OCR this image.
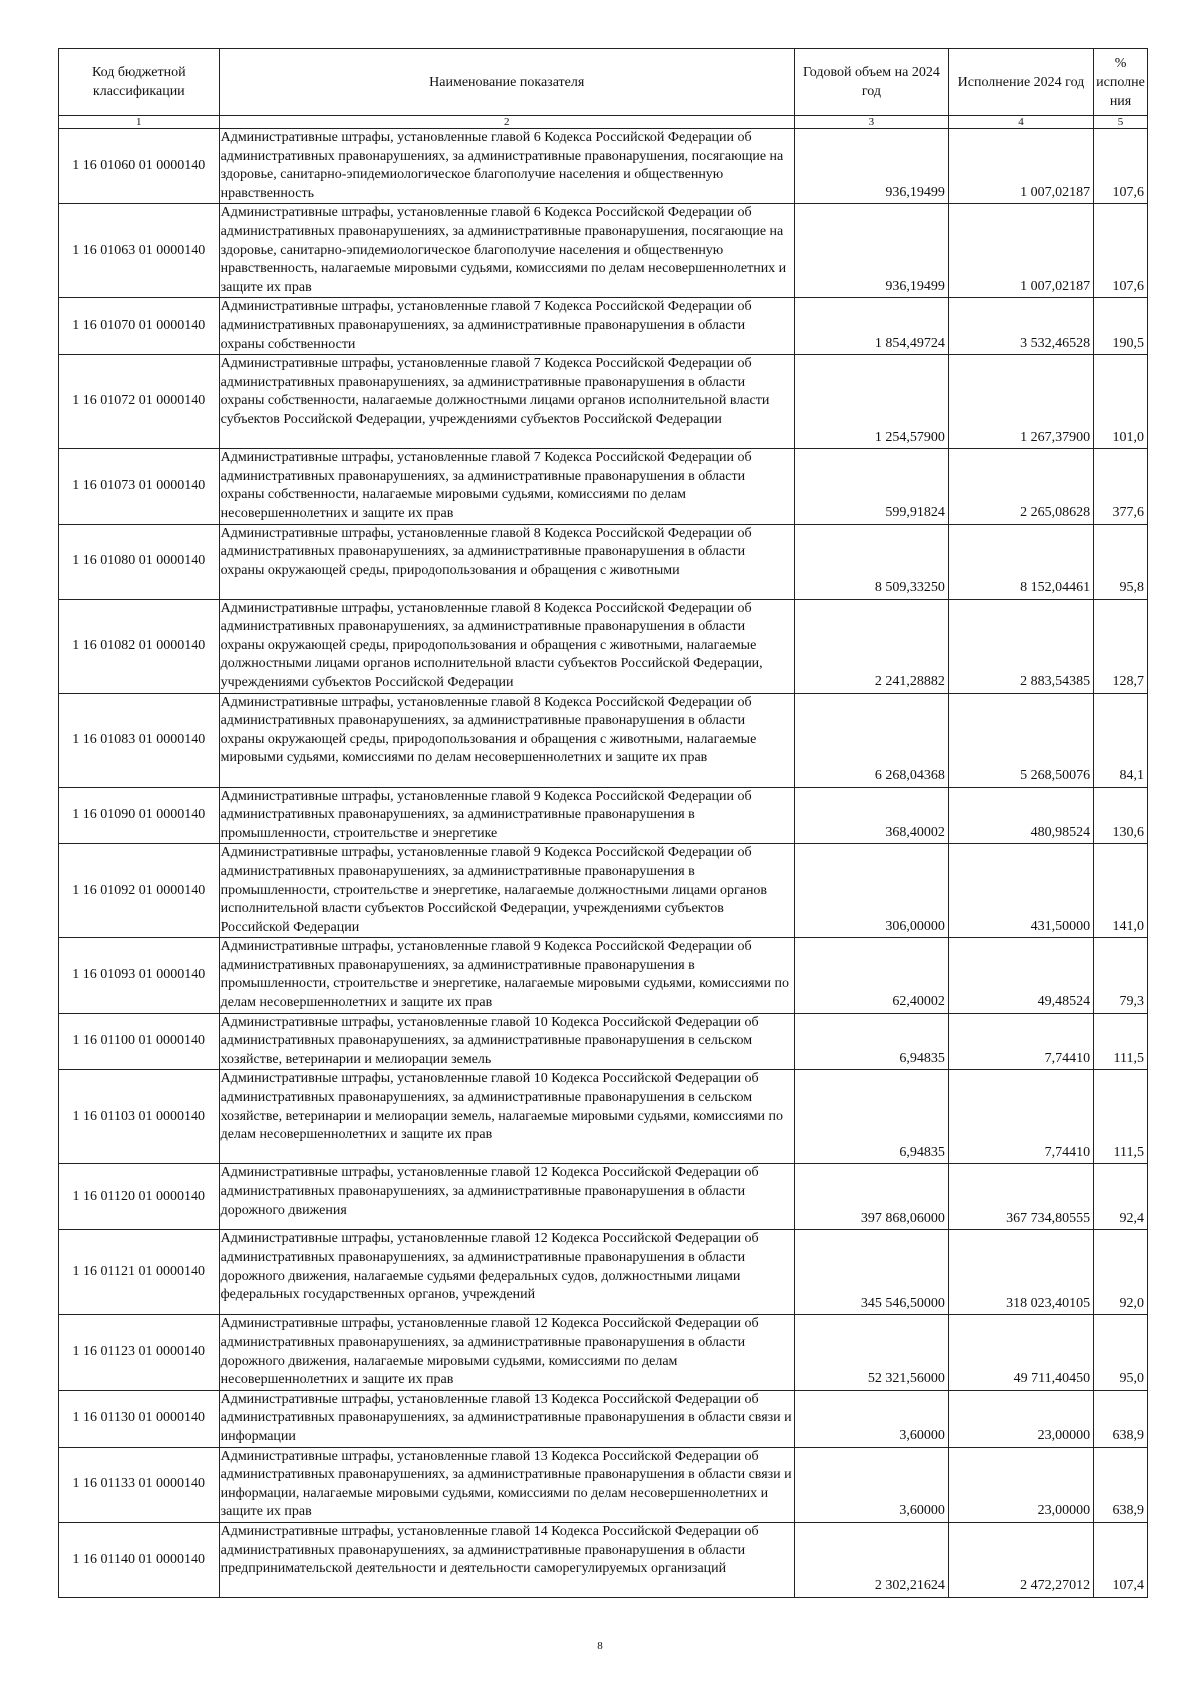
Код бюджетной классификации	Наименование показателя	Годовой объем на 2024 год	Исполнение 2024 год	% исполне ния
1	2	3	4	5
1 16 01060 01 0000140	Административные штрафы, установленные главой 6 Кодекса Российской Федерации об административных правонарушениях, за административные правонарушения, посягающие на здоровье, санитарно-эпидемиологическое благополучие населения и общественную нравственность	936,19499	1 007,02187	107,6
1 16 01063 01 0000140	Административные штрафы, установленные главой 6 Кодекса Российской Федерации об административных правонарушениях, за административные правонарушения, посягающие на здоровье, санитарно-эпидемиологическое благополучие населения и общественную нравственность, налагаемые мировыми судьями, комиссиями по делам несовершеннолетних и защите их прав	936,19499	1 007,02187	107,6
1 16 01070 01 0000140	Административные штрафы, установленные главой 7 Кодекса Российской Федерации об административных правонарушениях, за административные правонарушения в области охраны собственности	1 854,49724	3 532,46528	190,5
1 16 01072 01 0000140	Административные штрафы, установленные главой 7 Кодекса Российской Федерации об административных правонарушениях, за административные правонарушения в области охраны собственности, налагаемые должностными лицами органов исполнительной власти субъектов Российской Федерации, учреждениями субъектов Российской Федерации	1 254,57900	1 267,37900	101,0
1 16 01073 01 0000140	Административные штрафы, установленные главой 7 Кодекса Российской Федерации об административных правонарушениях, за административные правонарушения в области охраны собственности, налагаемые мировыми судьями, комиссиями по делам несовершеннолетних и защите их прав	599,91824	2 265,08628	377,6
1 16 01080 01 0000140	Административные штрафы, установленные главой 8 Кодекса Российской Федерации об административных правонарушениях, за административные правонарушения в области охраны окружающей среды, природопользования и обращения с животными	8 509,33250	8 152,04461	95,8
1 16 01082 01 0000140	Административные штрафы, установленные главой 8 Кодекса Российской Федерации об административных правонарушениях, за административные правонарушения в области охраны окружающей среды, природопользования и обращения с животными, налагаемые должностными лицами органов исполнительной власти субъектов Российской Федерации, учреждениями субъектов Российской Федерации	2 241,28882	2 883,54385	128,7
1 16 01083 01 0000140	Административные штрафы, установленные главой 8 Кодекса Российской Федерации об административных правонарушениях, за административные правонарушения в области охраны окружающей среды, природопользования и обращения с животными, налагаемые мировыми судьями, комиссиями по делам несовершеннолетних и защите их прав	6 268,04368	5 268,50076	84,1
1 16 01090 01 0000140	Административные штрафы, установленные главой 9 Кодекса Российской Федерации об административных правонарушениях, за административные правонарушения в промышленности, строительстве и энергетике	368,40002	480,98524	130,6
1 16 01092 01 0000140	Административные штрафы, установленные главой 9 Кодекса Российской Федерации об административных правонарушениях, за административные правонарушения в промышленности, строительстве и энергетике, налагаемые должностными лицами органов исполнительной власти субъектов Российской Федерации, учреждениями субъектов Российской Федерации	306,00000	431,50000	141,0
1 16 01093 01 0000140	Административные штрафы, установленные главой 9 Кодекса Российской Федерации об административных правонарушениях, за административные правонарушения в промышленности, строительстве и энергетике, налагаемые мировыми судьями, комиссиями по делам несовершеннолетних и защите их прав	62,40002	49,48524	79,3
1 16 01100 01 0000140	Административные штрафы, установленные главой 10 Кодекса Российской Федерации об административных правонарушениях, за административные правонарушения в сельском хозяйстве, ветеринарии и мелиорации земель	6,94835	7,74410	111,5
1 16 01103 01 0000140	Административные штрафы, установленные главой 10 Кодекса Российской Федерации об административных правонарушениях, за административные правонарушения в сельском хозяйстве, ветеринарии и мелиорации земель, налагаемые мировыми судьями, комиссиями по делам несовершеннолетних и защите их прав	6,94835	7,74410	111,5
1 16 01120 01 0000140	Административные штрафы, установленные главой 12 Кодекса Российской Федерации об административных правонарушениях, за административные правонарушения в области дорожного движения	397 868,06000	367 734,80555	92,4
1 16 01121 01 0000140	Административные штрафы, установленные главой 12 Кодекса Российской Федерации об административных правонарушениях, за административные правонарушения в области дорожного движения, налагаемые судьями федеральных судов, должностными лицами федеральных государственных органов, учреждений	345 546,50000	318 023,40105	92,0
1 16 01123 01 0000140	Административные штрафы, установленные главой 12 Кодекса Российской Федерации об административных правонарушениях, за административные правонарушения в области дорожного движения, налагаемые мировыми судьями, комиссиями по делам несовершеннолетних и защите их прав	52 321,56000	49 711,40450	95,0
1 16 01130 01 0000140	Административные штрафы, установленные главой 13 Кодекса Российской Федерации об административных правонарушениях, за административные правонарушения в области связи и информации	3,60000	23,00000	638,9
1 16 01133 01 0000140	Административные штрафы, установленные главой 13 Кодекса Российской Федерации об административных правонарушениях, за административные правонарушения в области связи и информации, налагаемые мировыми судьями, комиссиями по делам несовершеннолетних и защите их прав	3,60000	23,00000	638,9
1 16 01140 01 0000140	Административные штрафы, установленные главой 14 Кодекса Российской Федерации об административных правонарушениях, за административные правонарушения в области предпринимательской деятельности и деятельности саморегулируемых организаций	2 302,21624	2 472,27012	107,4
8
